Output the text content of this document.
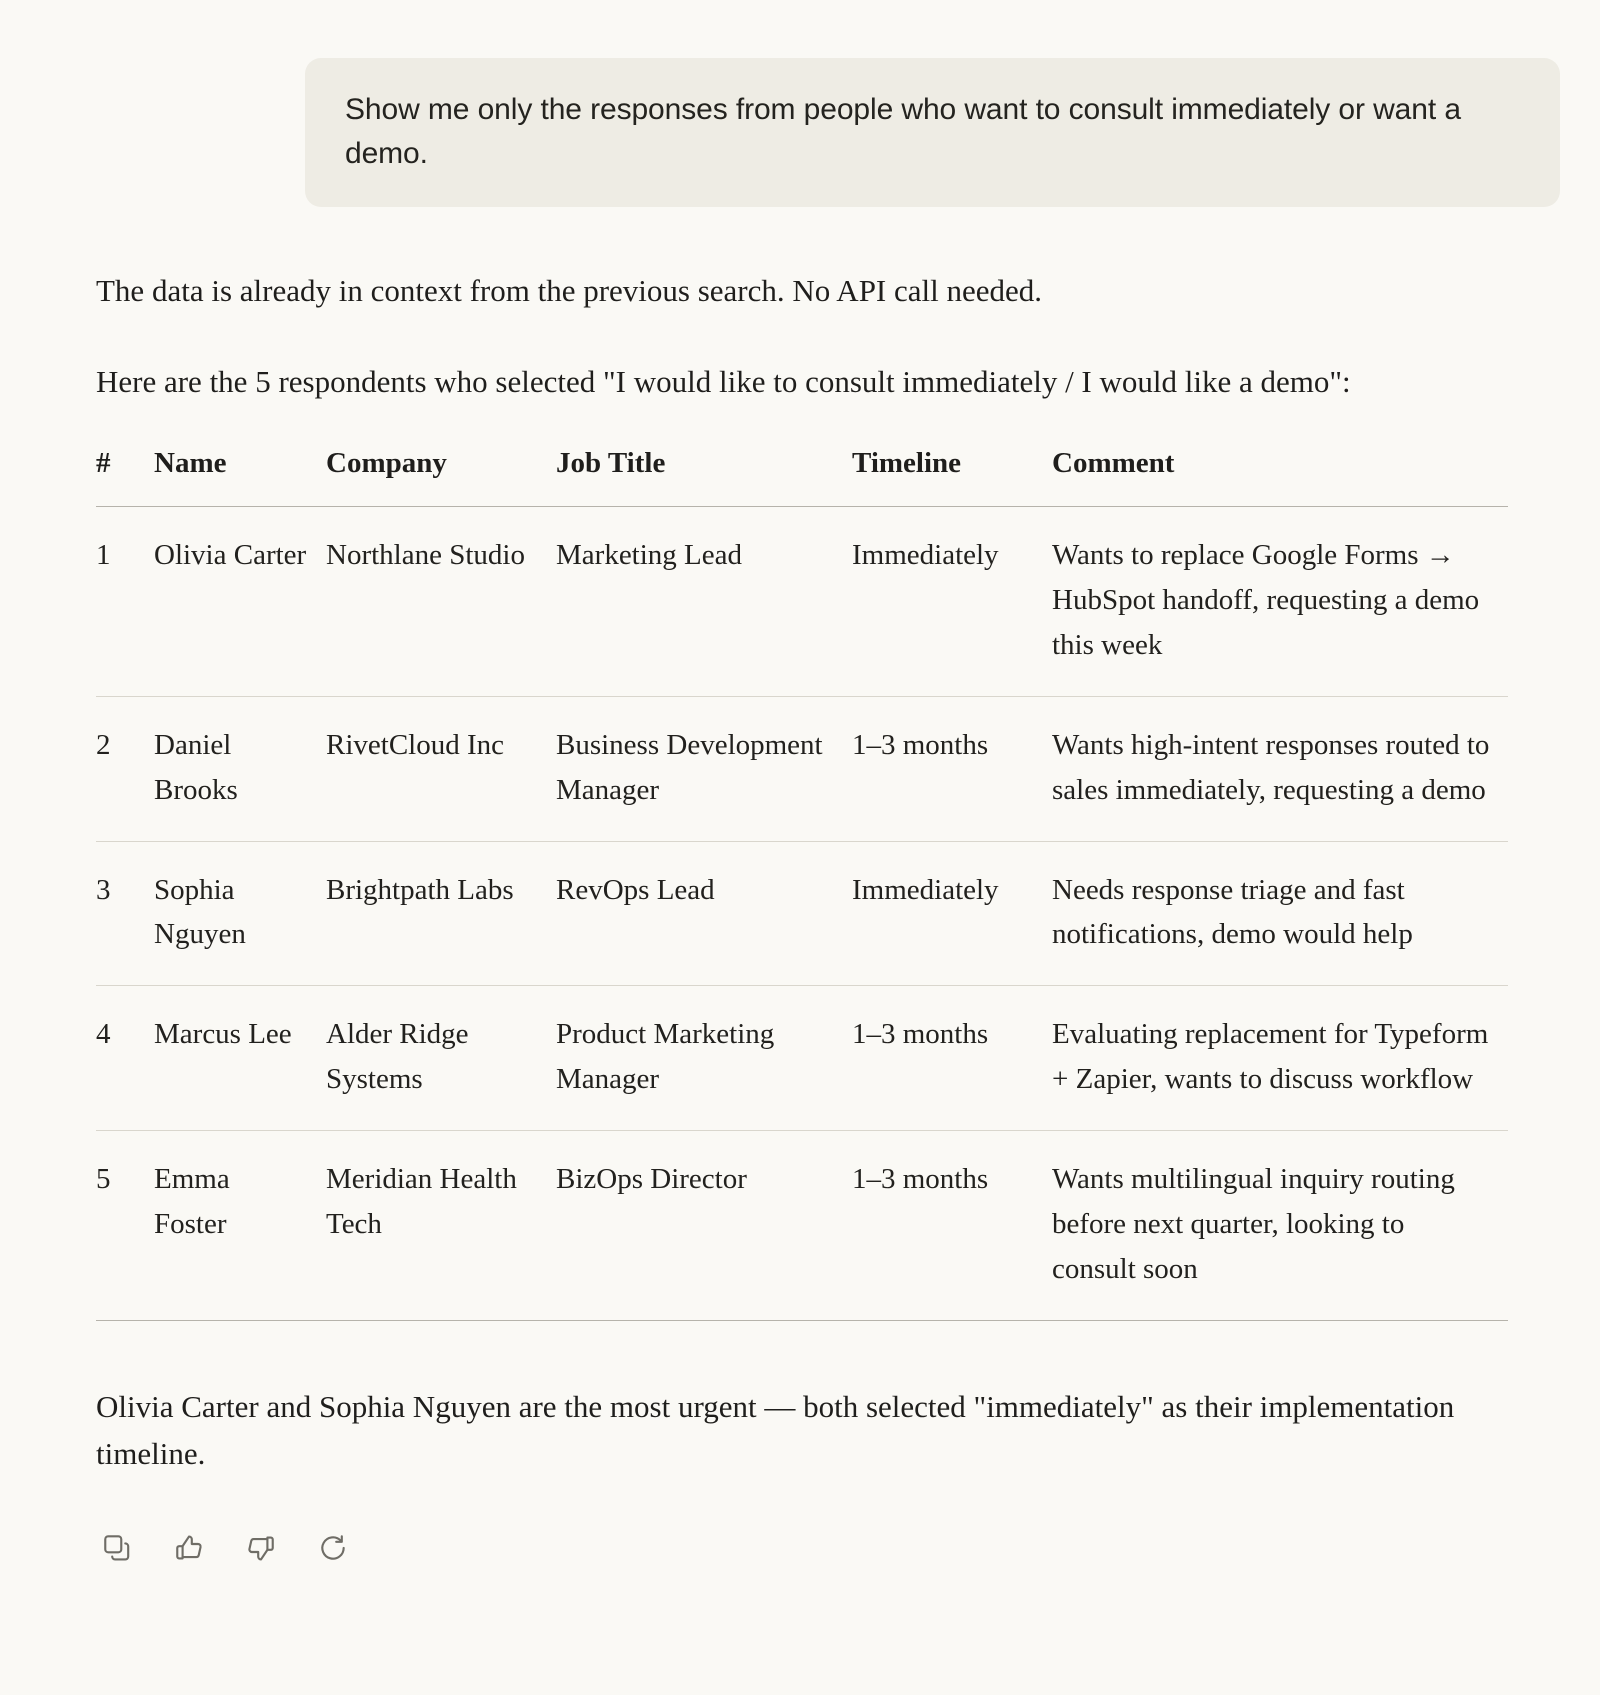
Show me only the responses from people who want to consult immediately or want a demo.

The data is already in context from the previous search. No API call needed.

Here are the 5 respondents who selected "I would like to consult immediately / I would like a demo":

#	Name	Company	Job Title	Timeline	Comment
1	Olivia Carter	Northlane Studio	Marketing Lead	Immediately	Wants to replace Google Forms → HubSpot handoff, requesting a demo this week
2	Daniel Brooks	RivetCloud Inc	Business Development Manager	1–3 months	Wants high-intent responses routed to sales immediately, requesting a demo
3	Sophia Nguyen	Brightpath Labs	RevOps Lead	Immediately	Needs response triage and fast notifications, demo would help
4	Marcus Lee	Alder Ridge Systems	Product Marketing Manager	1–3 months	Evaluating replacement for Typeform + Zapier, wants to discuss workflow
5	Emma Foster	Meridian Health Tech	BizOps Director	1–3 months	Wants multilingual inquiry routing before next quarter, looking to consult soon

Olivia Carter and Sophia Nguyen are the most urgent — both selected "immediately" as their implementation timeline.
